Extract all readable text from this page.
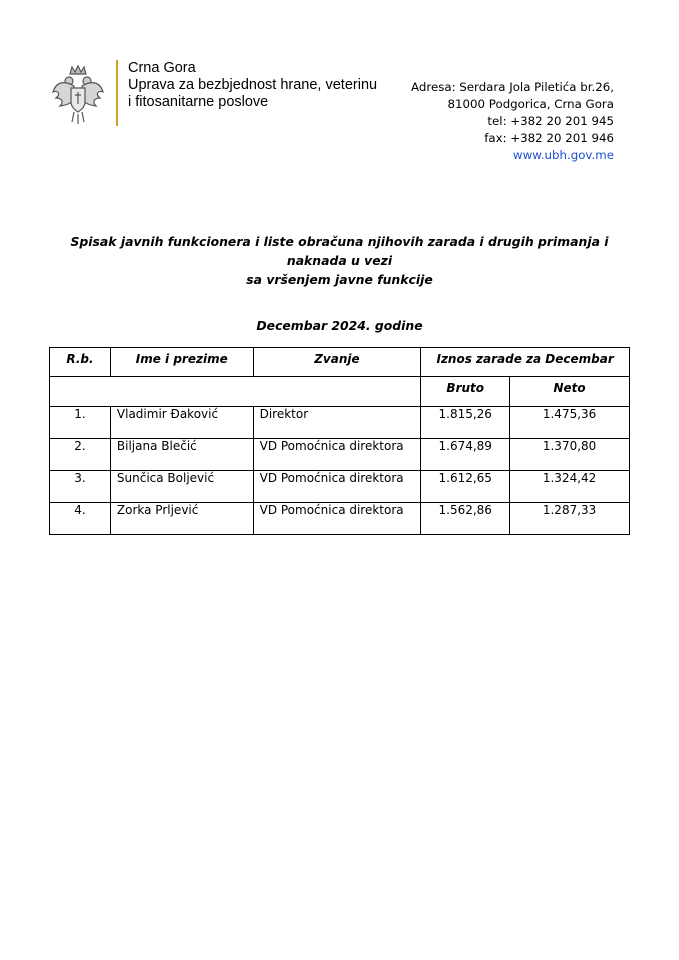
Crna Gora
Uprava za bezbjednost hrane, veterinu
i fitosanitarne poslove
Adresa: Serdara Jola Piletića br.26,
81000 Podgorica, Crna Gora
tel: +382 20 201 945
fax: +382 20 201 946
www.ubh.gov.me
Spisak javnih funkcionera i liste obračuna njihovih zarada i drugih primanja i naknada u vezi
sa vršenjem javne funkcije
Decembar 2024. godine
R.b.	Ime i prezime	Zvanje	Iznos zarade za Decembar	
			Bruto	Neto
1.	Vladimir Đaković	Direktor	1.815,26	1.475,36
2.	Biljana Blečić	VD Pomoćnica direktora	1.674,89	1.370,80
3.	Sunčica Boljević	VD Pomoćnica direktora	1.612,65	1.324,42
4.	Zorka Prljević	VD Pomoćnica direktora	1.562,86	1.287,33
